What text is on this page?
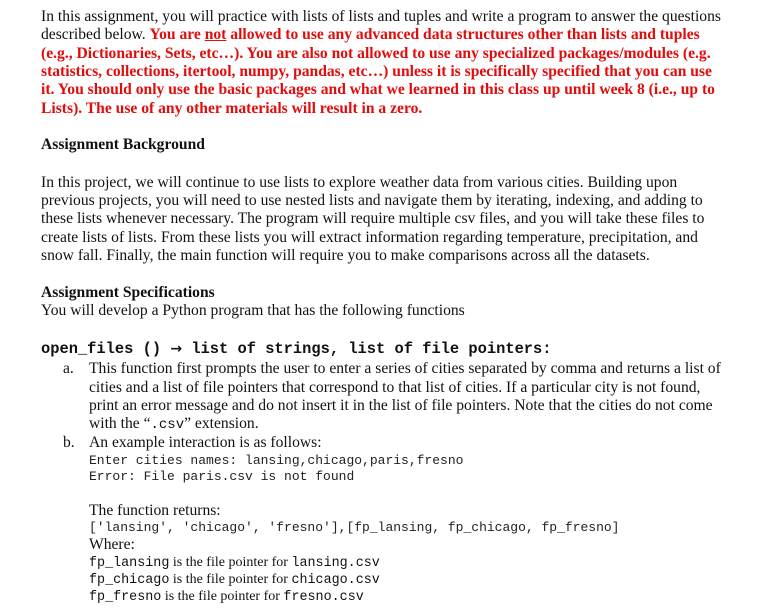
In this assignment, you will practice with lists of lists and tuples and write a program to answer the questions
described below. You are not allowed to use any advanced data structures other than lists and tuples
(e.g., Dictionaries, Sets, etc…). You are also not allowed to use any specialized packages/modules (e.g.
statistics, collections, itertool, numpy, pandas, etc…) unless it is specifically specified that you can use
it. You should only use the basic packages and what we learned in this class up until week 8 (i.e., up to
Lists). The use of any other materials will result in a zero.
Assignment Background
In this project, we will continue to use lists to explore weather data from various cities. Building upon
previous projects, you will need to use nested lists and navigate them by iterating, indexing, and adding to
these lists whenever necessary. The program will require multiple csv files, and you will take these files to
create lists of lists. From these lists you will extract information regarding temperature, precipitation, and
snow fall. Finally, the main function will require you to make comparisons across all the datasets.
Assignment Specifications
You will develop a Python program that has the following functions
open_files () → list of strings, list of file pointers:
a. This function first prompts the user to enter a series of cities separated by comma and returns a list of
cities and a list of file pointers that correspond to that list of cities. If a particular city is not found,
print an error message and do not insert it in the list of file pointers. Note that the cities do not come
with the “.csv” extension.
b. An example interaction is as follows:
Enter cities names: lansing,chicago,paris,fresno
Error: File paris.csv is not found
The function returns:
['lansing', 'chicago', 'fresno'],[fp_lansing, fp_chicago, fp_fresno]
Where:
fp_lansing is the file pointer for lansing.csv
fp_chicago is the file pointer for chicago.csv
fp_fresno is the file pointer for fresno.csv
